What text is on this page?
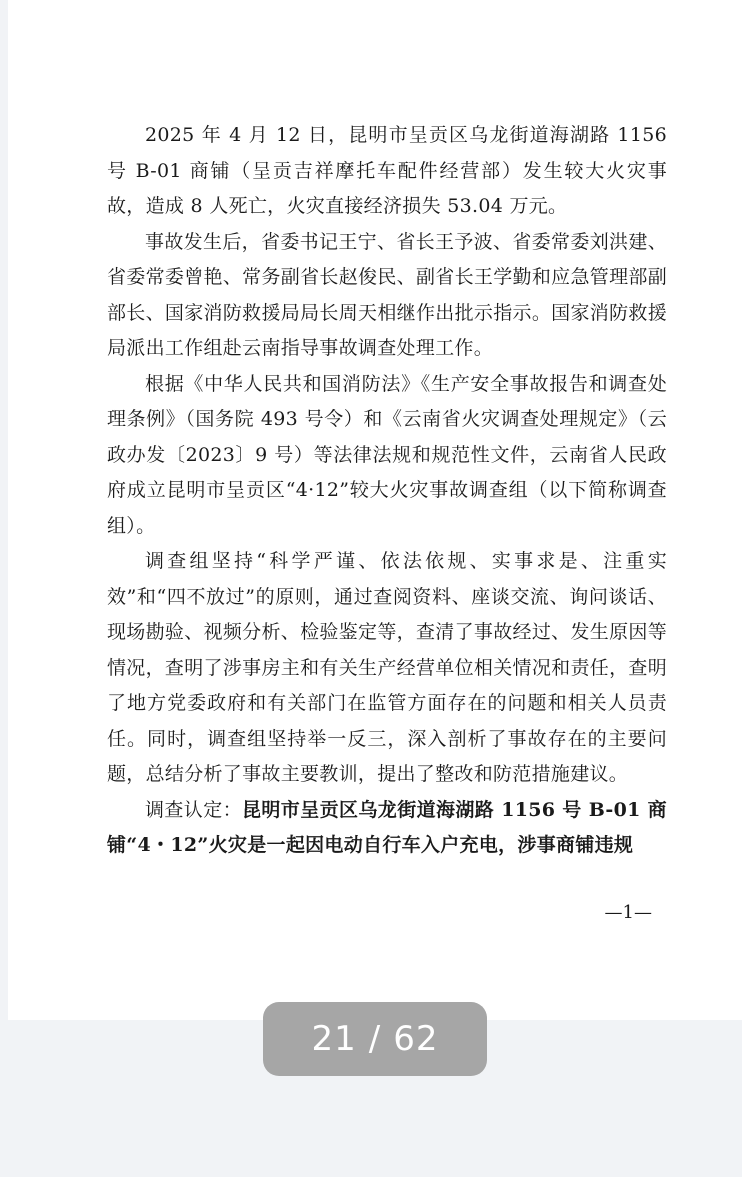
2025 年 4 月 12 日，昆明市呈贡区乌龙街道海湖路 1156 号 B-01 商铺（呈贡吉祥摩托车配件经营部）发生较大火灾事故，造成 8 人死亡，火灾直接经济损失 53.04 万元。

事故发生后，省委书记王宁、省长王予波、省委常委刘洪建、省委常委曾艳、常务副省长赵俊民、副省长王学勤和应急管理部副部长、国家消防救援局局长周天相继作出批示指示。国家消防救援局派出工作组赴云南指导事故调查处理工作。

根据《中华人民共和国消防法》《生产安全事故报告和调查处理条例》（国务院 493 号令）和《云南省火灾调查处理规定》（云政办发〔2023〕9 号）等法律法规和规范性文件，云南省人民政府成立昆明市呈贡区“4·12”较大火灾事故调查组（以下简称调查组）。

调查组坚持“科学严谨、依法依规、实事求是、注重实效”和“四不放过”的原则，通过查阅资料、座谈交流、询问谈话、现场勘验、视频分析、检验鉴定等，查清了事故经过、发生原因等情况，查明了涉事房主和有关生产经营单位相关情况和责任，查明了地方党委政府和有关部门在监管方面存在的问题和相关人员责任。同时，调查组坚持举一反三，深入剖析了事故存在的主要问题，总结分析了事故主要教训，提出了整改和防范措施建议。

调查认定：昆明市呈贡区乌龙街道海湖路 1156 号 B-01 商铺“4・12”火灾是一起因电动自行车入户充电，涉事商铺违规

—1—
21 / 62
